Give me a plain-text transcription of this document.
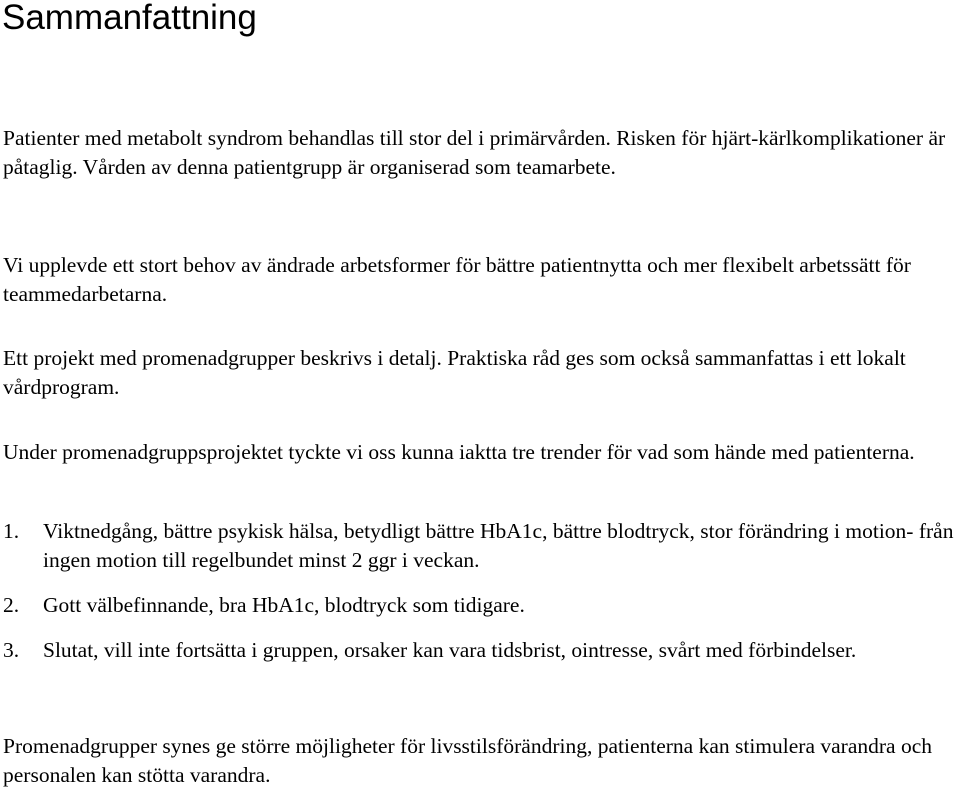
Sammanfattning

Patienter med metabolt syndrom behandlas till stor del i primärvården. Risken för hjärt-kärlkomplikationer är påtaglig. Vården av denna patientgrupp är organiserad som teamarbete.

Vi upplevde ett stort behov av ändrade arbetsformer för bättre patientnytta och mer flexibelt arbetssätt för teammedarbetarna.

Ett projekt med promenadgrupper beskrivs i detalj. Praktiska råd ges som också sammanfattas i ett lokalt vårdprogram.

Under promenadgruppsprojektet tyckte vi oss kunna iaktta tre trender för vad som hände med patienterna.

1. Viktnedgång, bättre psykisk hälsa, betydligt bättre HbA1c, bättre blodtryck, stor förändring i motion- från ingen motion till regelbundet minst 2 ggr i veckan.
2. Gott välbefinnande, bra HbA1c, blodtryck som tidigare.
3. Slutat, vill inte fortsätta i gruppen, orsaker kan vara tidsbrist, ointresse, svårt med förbindelser.

Promenadgrupper synes ge större möjligheter för livsstilsförändring, patienterna kan stimulera varandra och personalen kan stötta varandra.
